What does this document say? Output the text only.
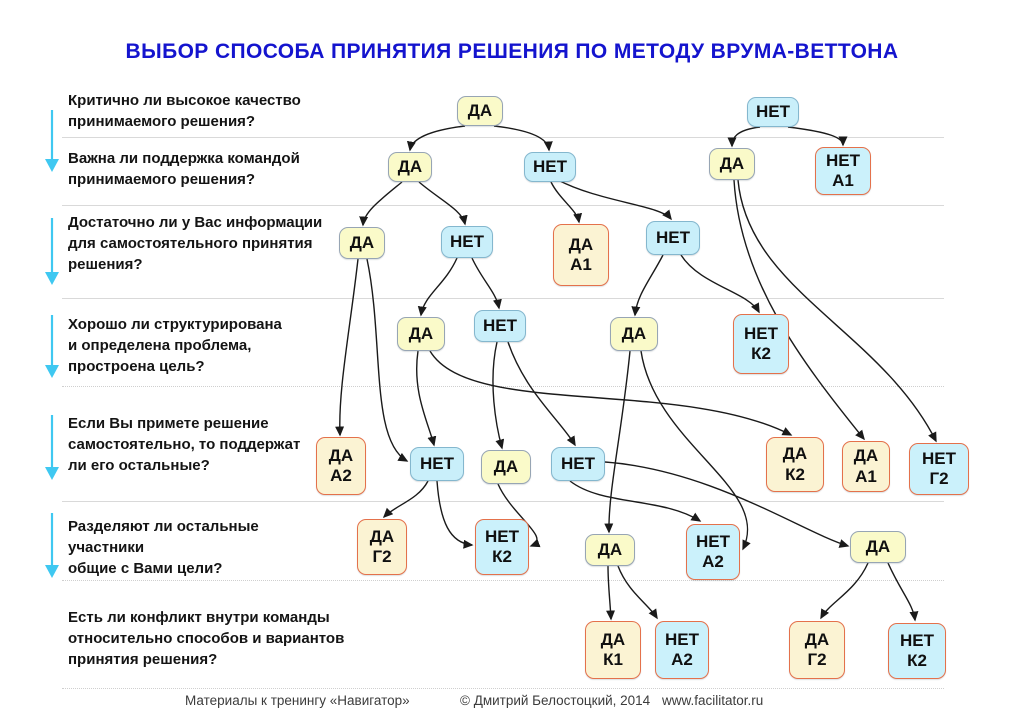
ВЫБОР СПОСОБА ПРИНЯТИЯ РЕШЕНИЯ ПО МЕТОДУ ВРУМА-ВЕТТОНА
Критично ли высокое качество
принимаемого решения?
Важна ли поддержка командой
принимаемого решения?
Достаточно ли у Вас информации
для самостоятельного принятия
решения?
Хорошо ли структурирована
и определена проблема,
простроена цель?
Если Вы примете решение
самостоятельно, то поддержат
ли его остальные?
Разделяют ли остальные
участники
общие с Вами цели?
Есть ли конфликт внутри команды
относительно способов и вариантов
принятия решения?
ДА	НЕТ
ДА	НЕТ	ДА	НЕТ
А1
ДА	НЕТ	ДА
А1
НЕТ
ДА	НЕТ	ДА	НЕТ
К2
ДА
А2
НЕТ ДА	НЕТ
ДА
К2
ДА
А1
НЕТ
Г2
ДА
Г2
НЕТ
К2	ДА	НЕТ
А2
ДА
ДА
К1
НЕТ
А2
ДА
Г2
НЕТ
К2
Материалы к тренингу «Навигатор»	© Дмитрий Белостоцкий, 2014 www.facilitator.ru
